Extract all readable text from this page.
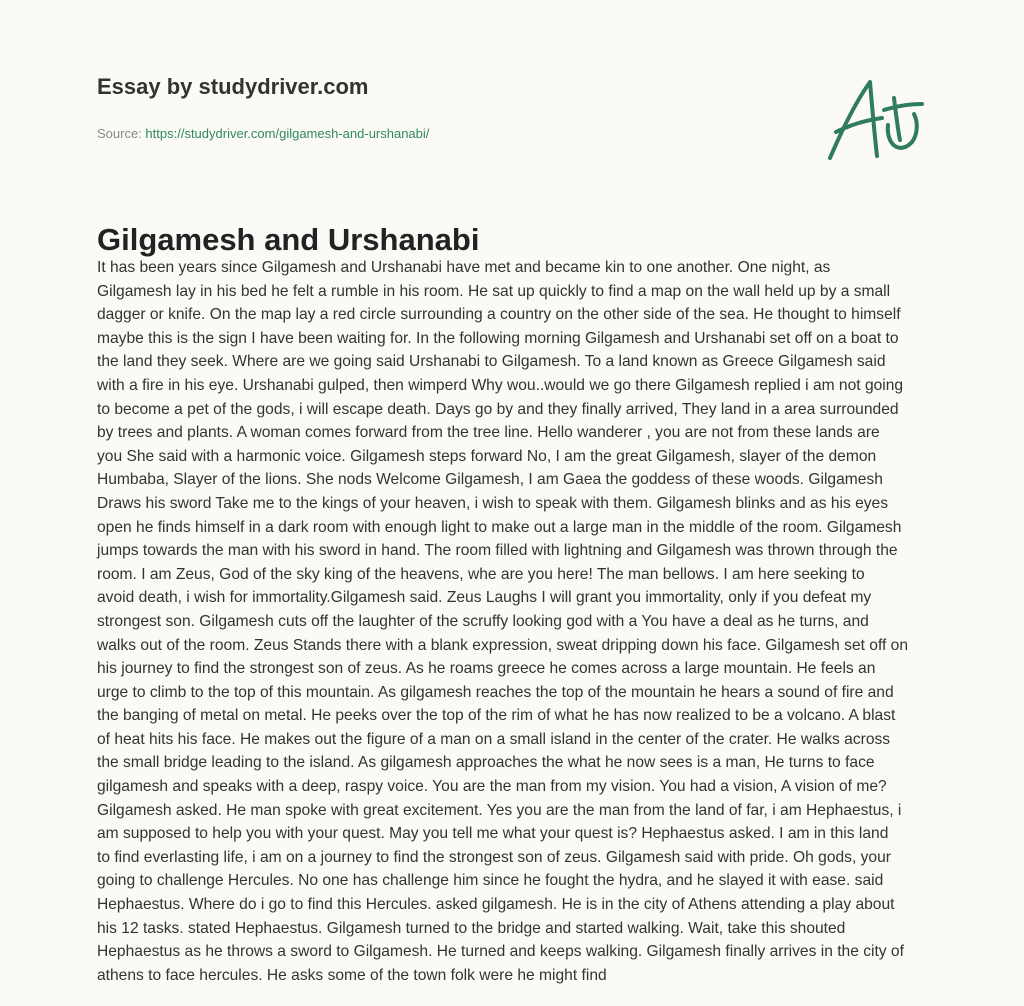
Essay by studydriver.com
Source: https://studydriver.com/gilgamesh-and-urshanabi/
Gilgamesh and Urshanabi
It has been years since Gilgamesh and Urshanabi have met and became kin to one another. One night, as
Gilgamesh lay in his bed he felt a rumble in his room. He sat up quickly to find a map on the wall held up by a small
dagger or knife. On the map lay a red circle surrounding a country on the other side of the sea. He thought to himself
maybe this is the sign I have been waiting for. In the following morning Gilgamesh and Urshanabi set off on a boat to
the land they seek. Where are we going said Urshanabi to Gilgamesh. To a land known as Greece Gilgamesh said
with a fire in his eye. Urshanabi gulped, then wimperd Why wou..would we go there Gilgamesh replied i am not going
to become a pet of the gods, i will escape death. Days go by and they finally arrived, They land in a area surrounded
by trees and plants. A woman comes forward from the tree line. Hello wanderer , you are not from these lands are
you She said with a harmonic voice. Gilgamesh steps forward No, I am the great Gilgamesh, slayer of the demon
Humbaba, Slayer of the lions. She nods Welcome Gilgamesh, I am Gaea the goddess of these woods. Gilgamesh
Draws his sword Take me to the kings of your heaven, i wish to speak with them. Gilgamesh blinks and as his eyes
open he finds himself in a dark room with enough light to make out a large man in the middle of the room. Gilgamesh
jumps towards the man with his sword in hand. The room filled with lightning and Gilgamesh was thrown through the
room. I am Zeus, God of the sky king of the heavens, whe are you here! The man bellows. I am here seeking to
avoid death, i wish for immortality.Gilgamesh said. Zeus Laughs I will grant you immortality, only if you defeat my
strongest son. Gilgamesh cuts off the laughter of the scruffy looking god with a You have a deal as he turns, and
walks out of the room. Zeus Stands there with a blank expression, sweat dripping down his face. Gilgamesh set off on
his journey to find the strongest son of zeus. As he roams greece he comes across a large mountain. He feels an
urge to climb to the top of this mountain. As gilgamesh reaches the top of the mountain he hears a sound of fire and
the banging of metal on metal. He peeks over the top of the rim of what he has now realized to be a volcano. A blast
of heat hits his face. He makes out the figure of a man on a small island in the center of the crater. He walks across
the small bridge leading to the island. As gilgamesh approaches the what he now sees is a man, He turns to face
gilgamesh and speaks with a deep, raspy voice. You are the man from my vision. You had a vision, A vision of me?
Gilgamesh asked. He man spoke with great excitement. Yes you are the man from the land of far, i am Hephaestus, i
am supposed to help you with your quest. May you tell me what your quest is? Hephaestus asked. I am in this land
to find everlasting life, i am on a journey to find the strongest son of zeus. Gilgamesh said with pride. Oh gods, your
going to challenge Hercules. No one has challenge him since he fought the hydra, and he slayed it with ease. said
Hephaestus. Where do i go to find this Hercules. asked gilgamesh. He is in the city of Athens attending a play about
his 12 tasks. stated Hephaestus. Gilgamesh turned to the bridge and started walking. Wait, take this shouted
Hephaestus as he throws a sword to Gilgamesh. He turned and keeps walking. Gilgamesh finally arrives in the city of
athens to face hercules. He asks some of the town folk were he might find
